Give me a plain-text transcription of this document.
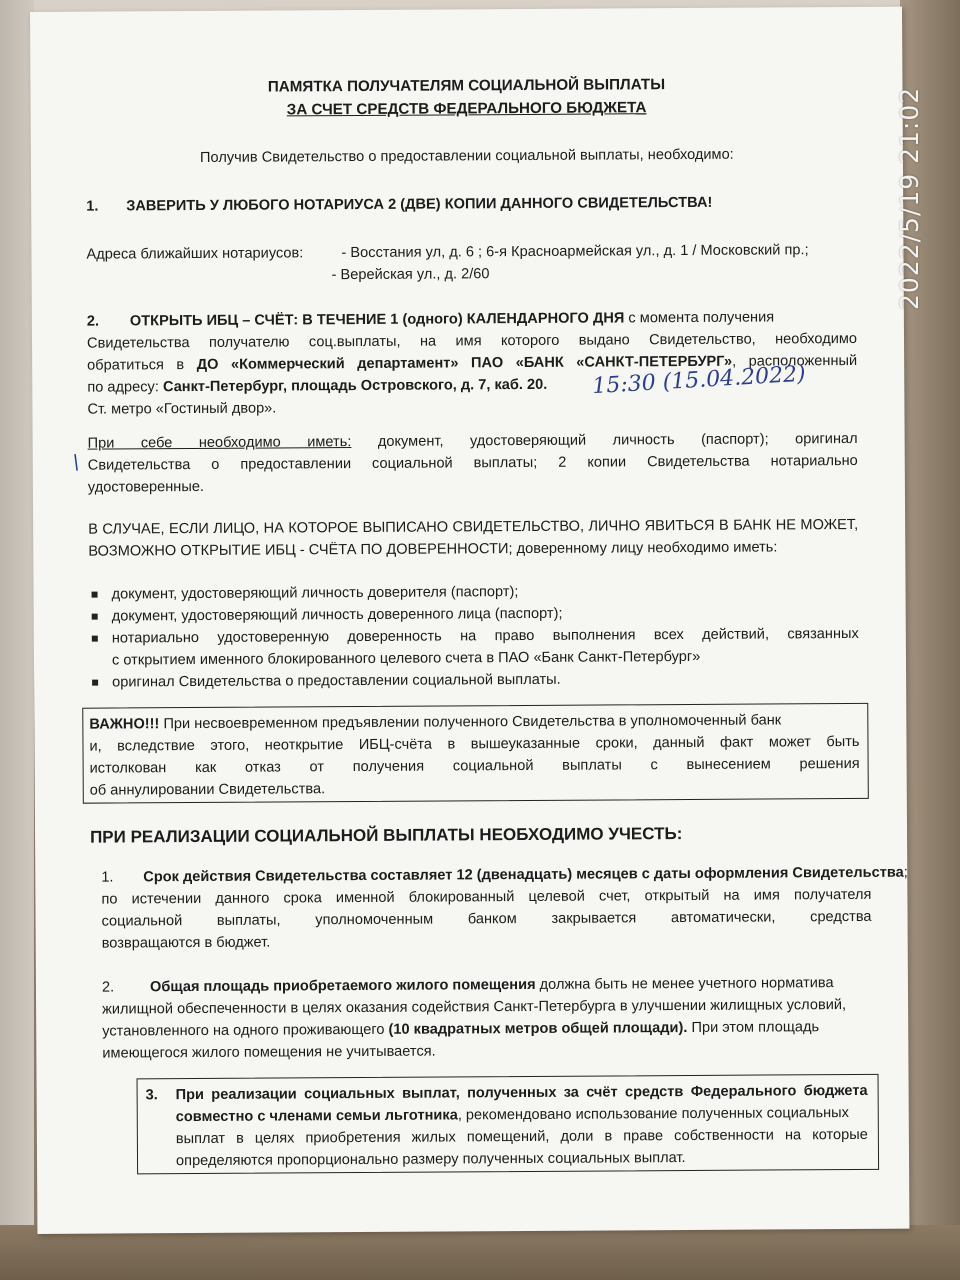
ПАМЯТКА ПОЛУЧАТЕЛЯМ СОЦИАЛЬНОЙ ВЫПЛАТЫ
ЗА СЧЕТ СРЕДСТВ ФЕДЕРАЛЬНОГО БЮДЖЕТА
Получив Свидетельство о предоставлении социальной выплаты, необходимо:
1. ЗАВЕРИТЬ У ЛЮБОГО НОТАРИУСА 2 (ДВЕ) КОПИИ ДАННОГО СВИДЕТЕЛЬСТВА!
Адреса ближайших нотариусов:	- Восстания ул, д. 6 ; 6-я Красноармейская ул., д. 1 / Московский пр.;
- Верейская ул., д. 2/60
2. ОТКРЫТЬ ИБЦ – СЧЁТ: В ТЕЧЕНИЕ 1 (одного) КАЛЕНДАРНОГО ДНЯ с момента получения
Свидетельства получателю соц.выплаты, на имя которого выдано Свидетельство, необходимо
обратиться в ДО «Коммерческий департамент» ПАО «БАНК «САНКТ-ПЕТЕРБУРГ», расположенный
по адресу: Санкт-Петербург, площадь Островского, д. 7, каб. 20.
Ст. метро «Гостиный двор».
15:30 (15.04.2022)
При себе необходимо иметь: документ, удостоверяющий личность (паспорт); оригинал
Свидетельства о предоставлении социальной выплаты; 2 копии Свидетельства нотариально
удостоверенные.
\
В СЛУЧАЕ, ЕСЛИ ЛИЦО, НА КОТОРОЕ ВЫПИСАНО СВИДЕТЕЛЬСТВО, ЛИЧНО ЯВИТЬСЯ В БАНК НЕ МОЖЕТ,
ВОЗМОЖНО ОТКРЫТИЕ ИБЦ - СЧЁТА ПО ДОВЕРЕННОСТИ; доверенному лицу необходимо иметь:
документ, удостоверяющий личность доверителя (паспорт);
документ, удостоверяющий личность доверенного лица (паспорт);
нотариально удостоверенную доверенность на право выполнения всех действий, связанных
с открытием именного блокированного целевого счета в ПАО «Банк Санкт-Петербург»
оригинал Свидетельства о предоставлении социальной выплаты.
ВАЖНО!!! При несвоевременном предъявлении полученного Свидетельства в уполномоченный банк
и, вследствие этого, неоткрытие ИБЦ-счёта в вышеуказанные сроки, данный факт может быть
истолкован как отказ от получения социальной выплаты с вынесением решения
об аннулировании Свидетельства.
ПРИ РЕАЛИЗАЦИИ СОЦИАЛЬНОЙ ВЫПЛАТЫ НЕОБХОДИМО УЧЕСТЬ:
1. Срок действия Свидетельства составляет 12 (двенадцать) месяцев с даты оформления Свидетельства;
по истечении данного срока именной блокированный целевой счет, открытый на имя получателя
социальной выплаты, уполномоченным банком закрывается автоматически, средства
возвращаются в бюджет.
2. Общая площадь приобретаемого жилого помещения должна быть не менее учетного норматива
жилищной обеспеченности в целях оказания содействия Санкт-Петербурга в улучшении жилищных условий,
установленного на одного проживающего (10 квадратных метров общей площади). При этом площадь
имеющегося жилого помещения не учитывается.
3. При реализации социальных выплат, полученных за счёт средств Федерального бюджета
совместно с членами семьи льготника, рекомендовано использование полученных социальных
выплат в целях приобретения жилых помещений, доли в праве собственности на которые
определяются пропорционально размеру полученных социальных выплат.
2022/5/19 21:02
